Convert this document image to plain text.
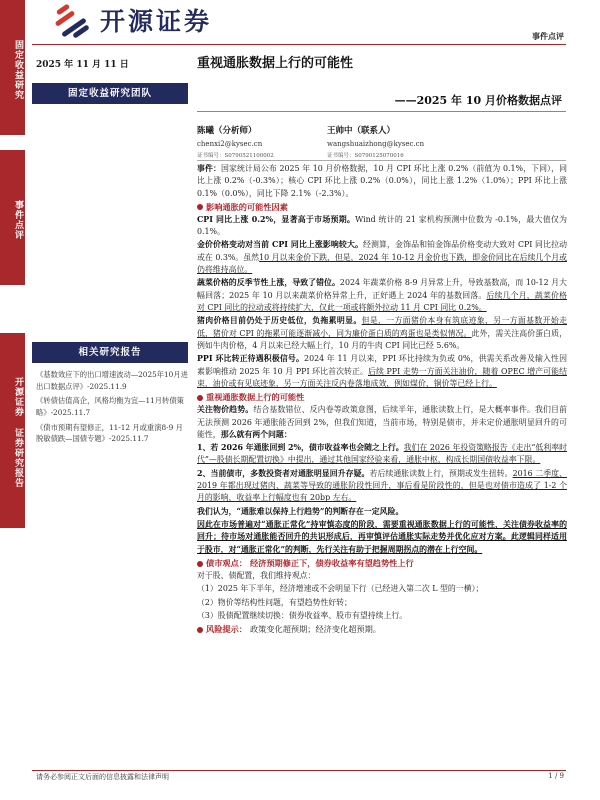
固定收益研究
事件点评
开源证券 证券研究报告
开源证券	事件点评
2025 年 11 月 11 日
固定收益研究团队
相关研究报告
《基数效应下的出口增速波动—2025年10月进出口数据点评》-2025.11.9
《转债估值高企，风格均衡为宜—11月转债策略》-2025.11.7
《债市预期有望修正，11-12 月或重演8-9 月脱敏债跌—国债专题》-2025.11.7
重视通胀数据上行的可能性
——2025 年 10 月价格数据点评
陈曦（分析师）
chenxi2@kysec.cn
证书编号：S0790521100002
王帅中（联系人）
wangshuaizhong@kysec.cn
证书编号：S0790125070016

事件：国家统计局公布 2025 年 10 月价格数据，10 月 CPI 环比上涨 0.2%（前值为 0.1%，下同），同比上涨 0.2%（-0.3%）；核心 CPI 环比上涨 0.2%（0.0%），同比上涨 1.2%（1.0%）；PPI 环比上涨 0.1%（0.0%），同比下降 2.1%（-2.3%）。

影响通胀的可能性因素

CPI 同比上涨 0.2%，显著高于市场预期。Wind 统计的 21 家机构预测中位数为 -0.1%，最大值仅为 0.1%。

金价价格变动对当前 CPI 同比上涨影响较大。经测算，金饰品和铂金饰品价格变动大致对 CPI 同比拉动或在 0.3%。虽然10 月以来金价下跌，但是，2024 年 10-12 月金价也下跌，即金价同比在后续几个月或仍将维持高位。

蔬菜价格的反季节性上涨，导致了错位。2024 年蔬菜价格 8-9 月异常上升，导致基数高，而 10-12 月大幅回落；2025 年 10 月以来蔬菜价格异常上升，正好遇上 2024 年的基数回落。后续几个月，蔬菜价格对 CPI 同比的拉动或将持续扩大，仅此一项或将额外拉动 11 月 CPI 同比 0.2%。

猪肉价格目前仍处于历史低位，负拖累明显。但是，一方面猪价本身有筑底迹象，另一方面基数开始走低，猪价对 CPI 的拖累可能逐渐减小，同为廉价蛋白质的鸡蛋也是类似情况。此外，需关注高价蛋白质，例如牛肉价格，4 月以来已经大幅上行，10 月的牛肉 CPI 同比已经 5.6%。

PPI 环比转正待遇积极信号。2024 年 11 月以来，PPI 环比持续为负或 0%，供需关系改善及输入性因素影响推动 2025 年 10 月 PPI 环比首次转正。后续 PPI 走势一方面关注油价，随着 OPEC 增产可能结束，油价或有见底迹象，另一方面关注反内卷落地成效，例如煤价、铜价等已经上行。

重视通胀数据上行的可能性

关注物价趋势。结合基数错位、反内卷等政策意图，后续半年，通胀读数上行，是大概率事件。我们目前无法预测 2026 年通胀能否回到 2%，但我们知道，当前市场，特别是债市，并未定价通胀明显回升的可能性，那么就有两个问题：

1、若 2026 年通胀回到 2%，债市收益率也会随之上行。我们在 2026 年投资策略报告《走出“低利率时代”—股债长期配置切换》中提出，通过其他国家经验来看，通胀中枢，构成长期国债收益率下限。

2、当前债市，多数投资者对通胀明显回升存疑。若后续通胀读数上行，预期或发生扭转。2016 二季度、2019 年都出现过猪肉、蔬菜等导致的通胀阶段性回升，事后看是阶段性的，但是也对债市造成了 1-2 个月的影响，收益率上行幅度也有 20bp 左右。

我们认为，“通胀难以保持上行趋势”的判断存在一定风险。

因此在市场普遍对“通胀正常化”持审慎态度的阶段，需要重视通胀数据上行的可能性，关注债券收益率的回升；待市场对通胀能否回升的共识形成后，再审慎评估通胀实际走势并优化应对方案。此逻辑同样适用于股市，对“通胀正常化”的判断，先行关注有助于把握周期拐点的潜在上行空间。

债市观点： 经济预期修正下，债券收益率有望趋势性上行

对于股、债配置，我们维持观点：

（1）2025 年下半年，经济增速或不会明显下行（已经进入第二次 L 型的一横）；

（2）物价等结构性问题，有望趋势性好转；

（3）股债配置继续切换：债券收益率、股市有望持续上行。

风险提示： 政策变化超预期；经济变化超预期。
请务必参阅正文后面的信息披露和法律声明	1 / 9
